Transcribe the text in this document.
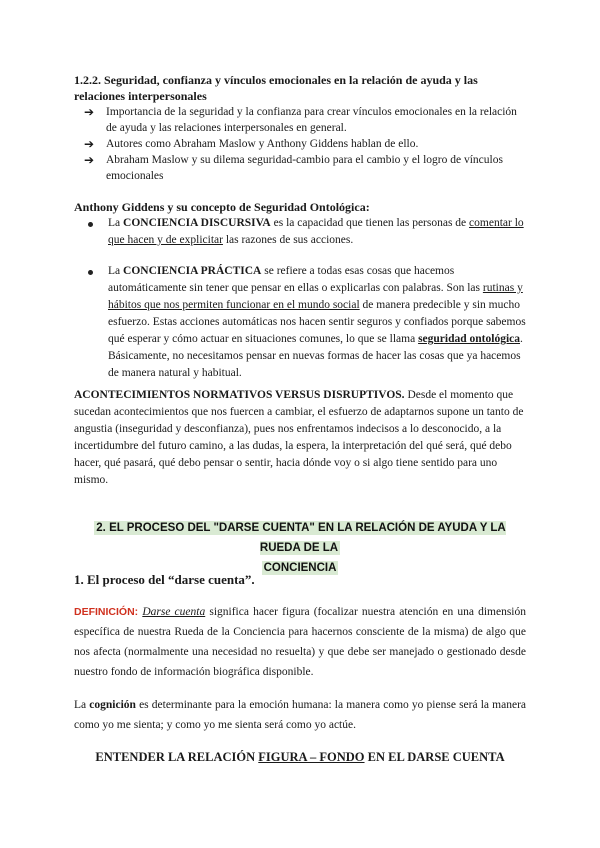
1.2.2. Seguridad, confianza y vínculos emocionales en la relación de ayuda y las relaciones interpersonales
➔ Importancia de la seguridad y la confianza para crear vínculos emocionales en la relación de ayuda y las relaciones interpersonales en general.
➔ Autores como Abraham Maslow y Anthony Giddens hablan de ello.
➔ Abraham Maslow y su dilema seguridad-cambio para el cambio y el logro de vínculos emocionales
Anthony Giddens y su concepto de Seguridad Ontológica:
La CONCIENCIA DISCURSIVA es la capacidad que tienen las personas de comentar lo que hacen y de explicitar las razones de sus acciones.
La CONCIENCIA PRÁCTICA se refiere a todas esas cosas que hacemos automáticamente sin tener que pensar en ellas o explicarlas con palabras. Son las rutinas y hábitos que nos permiten funcionar en el mundo social de manera predecible y sin mucho esfuerzo. Estas acciones automáticas nos hacen sentir seguros y confiados porque sabemos qué esperar y cómo actuar en situaciones comunes, lo que se llama seguridad ontológica. Básicamente, no necesitamos pensar en nuevas formas de hacer las cosas que ya hacemos de manera natural y habitual.
ACONTECIMIENTOS NORMATIVOS VERSUS DISRUPTIVOS. Desde el momento que sucedan acontecimientos que nos fuercen a cambiar, el esfuerzo de adaptarnos supone un tanto de angustia (inseguridad y desconfianza), pues nos enfrentamos indecisos a lo desconocido, a la incertidumbre del futuro camino, a las dudas, la espera, la interpretación del qué será, qué debo hacer, qué pasará, qué debo pensar o sentir, hacia dónde voy o si algo tiene sentido para uno mismo.
2. EL PROCESO DEL "DARSE CUENTA" EN LA RELACIÓN DE AYUDA Y LA RUEDA DE LA
CONCIENCIA
1. El proceso del “darse cuenta”.
DEFINICIÓN: Darse cuenta significa hacer figura (focalizar nuestra atención en una dimensión específica de nuestra Rueda de la Conciencia para hacernos consciente de la misma) de algo que nos afecta (normalmente una necesidad no resuelta) y que debe ser manejado o gestionado desde nuestro fondo de información biográfica disponible.
La cognición es determinante para la emoción humana: la manera como yo piense será la manera como yo me sienta; y como yo me sienta será como yo actúe.
ENTENDER LA RELACIÓN FIGURA – FONDO EN EL DARSE CUENTA
